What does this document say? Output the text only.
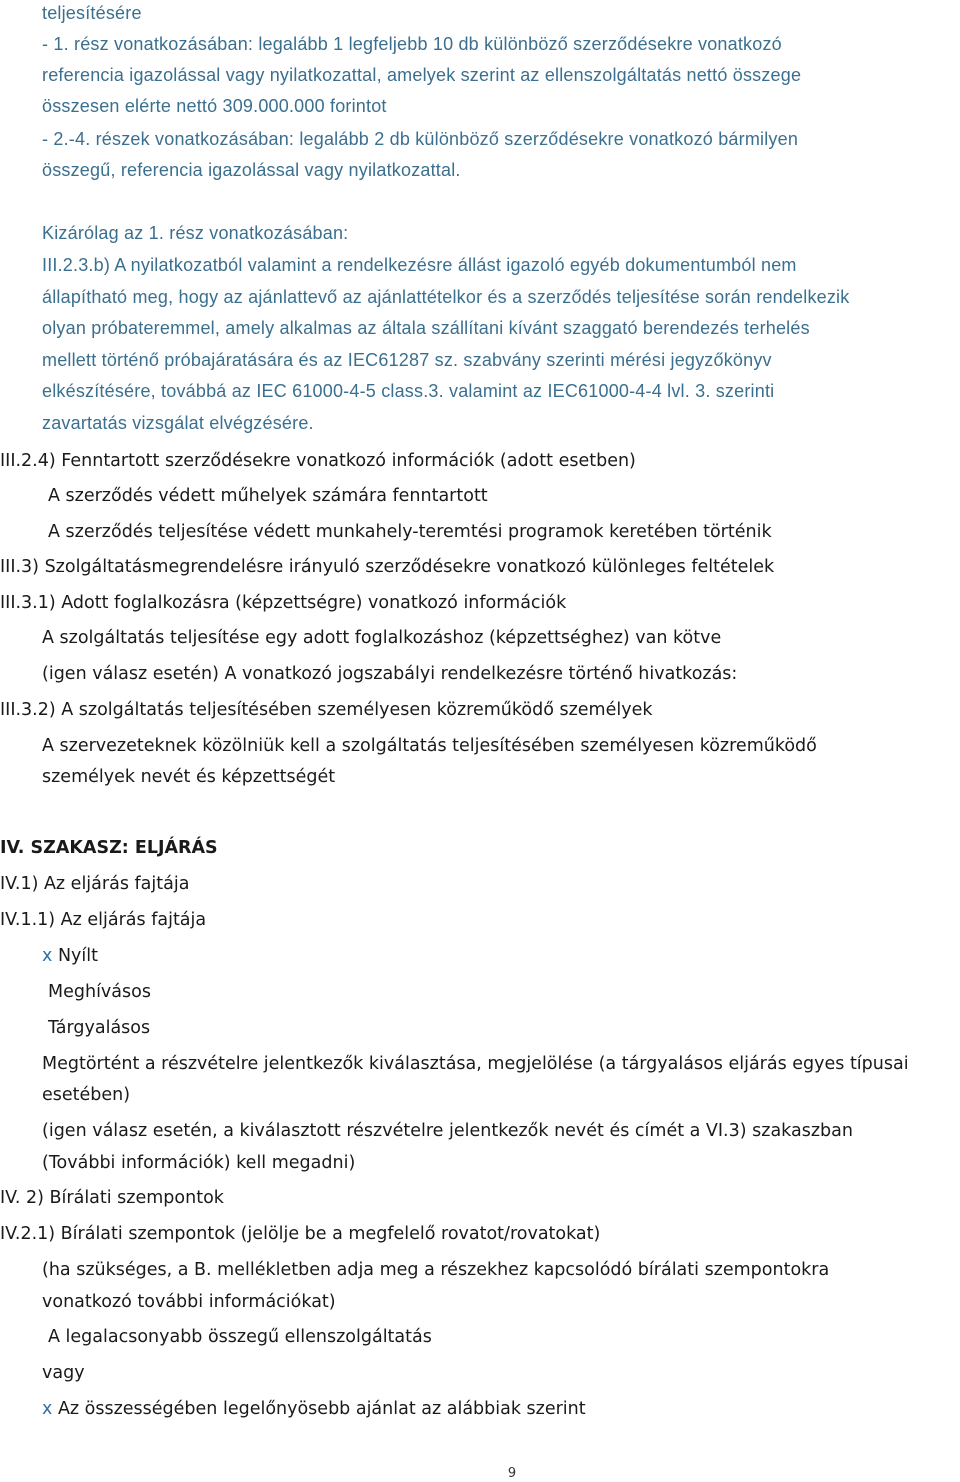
teljesítésére
- 1. rész vonatkozásában: legalább 1 legfeljebb 10 db különböző szerződésekre vonatkozó
referencia igazolással vagy nyilatkozattal, amelyek szerint az ellenszolgáltatás nettó összege
összesen elérte nettó 309.000.000 forintot
- 2.-4. részek vonatkozásában: legalább 2 db különböző szerződésekre vonatkozó bármilyen
összegű, referencia igazolással vagy nyilatkozattal.
Kizárólag az 1. rész vonatkozásában:
III.2.3.b) A nyilatkozatból valamint a rendelkezésre állást igazoló egyéb dokumentumból nem
állapítható meg, hogy az ajánlattevő az ajánlattételkor és a szerződés teljesítése során rendelkezik
olyan próbateremmel, amely alkalmas az általa szállítani kívánt szaggató berendezés terhelés
mellett történő próbajáratására és az IEC61287 sz. szabvány szerinti mérési jegyzőkönyv
elkészítésére, továbbá az IEC 61000-4-5 class.3. valamint az IEC61000-4-4 lvl. 3. szerinti
zavartatás vizsgálat elvégzésére.
III.2.4) Fenntartott szerződésekre vonatkozó információk (adott esetben)
A szerződés védett műhelyek számára fenntartott
A szerződés teljesítése védett munkahely-teremtési programok keretében történik
III.3) Szolgáltatásmegrendelésre irányuló szerződésekre vonatkozó különleges feltételek
III.3.1) Adott foglalkozásra (képzettségre) vonatkozó információk
A szolgáltatás teljesítése egy adott foglalkozáshoz (képzettséghez) van kötve
(igen válasz esetén) A vonatkozó jogszabályi rendelkezésre történő hivatkozás:
III.3.2) A szolgáltatás teljesítésében személyesen közreműködő személyek
A szervezeteknek közölniük kell a szolgáltatás teljesítésében személyesen közreműködő
személyek nevét és képzettségét
IV. SZAKASZ: ELJÁRÁS
IV.1) Az eljárás fajtája
IV.1.1) Az eljárás fajtája
x Nyílt
Meghívásos
Tárgyalásos
Megtörtént a részvételre jelentkezők kiválasztása, megjelölése (a tárgyalásos eljárás egyes típusai
esetében)
(igen válasz esetén, a kiválasztott részvételre jelentkezők nevét és címét a VI.3) szakaszban
(További információk) kell megadni)
IV. 2) Bírálati szempontok
IV.2.1) Bírálati szempontok (jelölje be a megfelelő rovatot/rovatokat)
(ha szükséges, a B. mellékletben adja meg a részekhez kapcsolódó bírálati szempontokra
vonatkozó további információkat)
A legalacsonyabb összegű ellenszolgáltatás
vagy
x Az összességében legelőnyösebb ajánlat az alábbiak szerint
9
